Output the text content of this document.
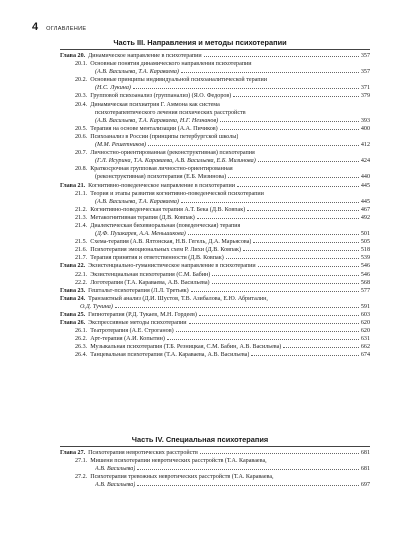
4 ОГЛАВЛЕНИЕ
Часть III. Направления и методы психотерапии
Глава 20. Динамическое направление в психотерапии	357
20.1. Основные понятия динамического направления психотерапии
(А.В. Васильева, Т.А. Караваева)	357
20.2. Основные принципы индивидуальной психоаналитической терапии
(Н.С. Лукина)	371
20.3. Групповой психоанализ (группанализ) (Я.О. Федоров)	379
20.4. Динамическая психиатрия Г. Аммона как система
психотерапевтического лечения психических расстройств
(А.В. Васильева, Т.А. Караваева, Н.Г. Незнанов)	393
20.5. Терапия на основе ментализации (А.А. Пичиков)	400
20.6. Психоанализ в России (принципы петербургской школы)
(М.М. Решетников)	412
20.7. Личностно-ориентированная (реконструктивная) психотерапия
(Г.Л. Исурина, Т.А. Караваева, А.В. Васильева, Е.Б. Мизинова)	424
20.8. Краткосрочная групповая личностно-ориентированная
(реконструктивная) психотерапия (Е.Б. Мизинова)	440
Глава 21. Когнитивно-поведенческое направление в психотерапии	445
21.1. Теория и этапы развития когнитивно-поведенческой психотерапии
(А.В. Васильева, Т.А. Караваева)	445
21.2. Когнитивно-поведенческая терапия А.Т. Бека (Д.В. Ковпак)	467
21.3. Метакогнитивная терапия (Д.В. Ковпак)	492
21.4. Диалектическая бихевиоральная (поведенческая) терапия
(Д.Ф. Пушкарев, А.А. Меньшикова)	501
21.5. Схема-терапия (А.В. Ялтонская, Н.В. Гегель, Д.А. Марьясова)	505
21.6. Психотерапия эмоциональных схем Р. Лихи (Д.В. Ковпак)	518
21.7. Терапия принятия и ответственности (Д.В. Ковпак)	539
Глава 22. Экзистенциально-гуманистическое направление в психотерапии	546
22.1. Экзистенциальная психотерапия (С.М. Бабин)	546
22.2. Логотерапия (Т.А. Караваева, А.В. Васильева)	568
Глава 23. Гештальт-психотерапия (Л.Л. Третьяк)	577
Глава 24. Транзактный анализ (Д.И. Шустов, Т.В. Азибалова, Е.Ю. Абриталин,
О.Д. Тучина)	591
Глава 25. Гипнотерапия (Р.Д. Тукаев, М.Н. Гордеев)	603
Глава 26. Экспрессивные методы психотерапии	620
26.1. Театротерапия (А.Е. Строганов)	620
26.2. Арт-терапия (А.И. Копытин)	631
26.3. Музыкальная психотерапия (Т.Б. Резницкая, С.М. Бабин, А.В. Васильева)	662
26.4. Танцевальная психотерапия (Т.А. Караваева, А.В. Васильева)	674
Часть IV. Специальная психотерапия
Глава 27. Психотерапия невротических расстройств	681
27.1. Мишени психотерапии невротических расстройств (Т.А. Караваева,
А.В. Васильева)	681
27.2. Психотерапия тревожных невротических расстройств (Т.А. Караваева,
А.В. Васильева)	697
